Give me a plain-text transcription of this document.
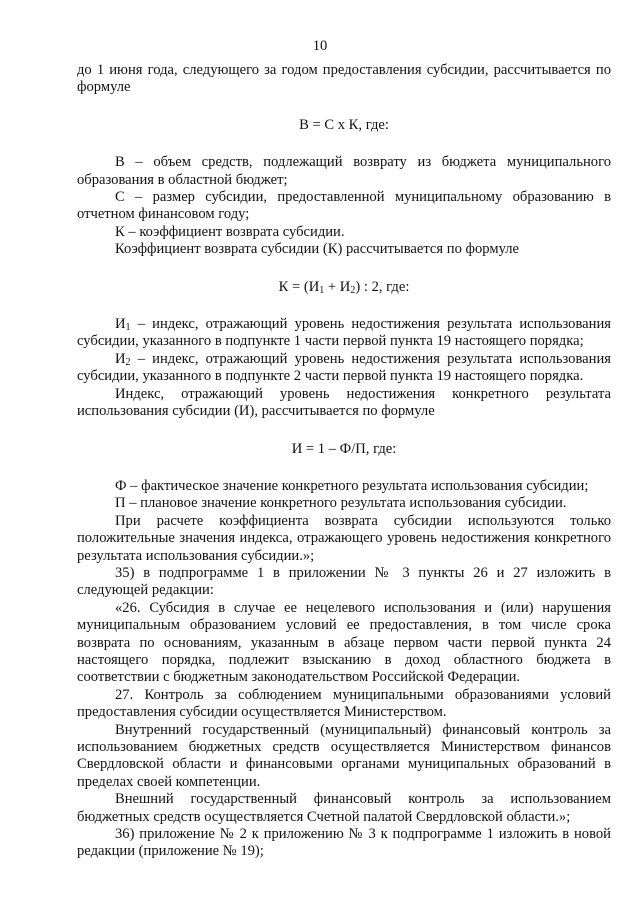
10

до 1 июня года, следующего за годом предоставления субсидии, рассчитывается по формуле

В = С х К, где:

В – объем средств, подлежащий возврату из бюджета муниципального образования в областной бюджет;

С – размер субсидии, предоставленной муниципальному образованию в отчетном финансовом году;

К – коэффициент возврата субсидии.

Коэффициент возврата субсидии (К) рассчитывается по формуле

$К = (И_1 + И_2)$ : 2, где:

$И_1$ – индекс, отражающий уровень недостижения результата использования субсидии, указанного в подпункте 1 части первой пункта 19 настоящего порядка;

$И_2$ – индекс, отражающий уровень недостижения результата использования субсидии, указанного в подпункте 2 части первой пункта 19 настоящего порядка.

Индекс, отражающий уровень недостижения конкретного результата использования субсидии (И), рассчитывается по формуле

И = 1 – Ф/П, где:

Ф – фактическое значение конкретного результата использования субсидии;

П – плановое значение конкретного результата использования субсидии.

При расчете коэффициента возврата субсидии используются только положительные значения индекса, отражающего уровень недостижения конкретного результата использования субсидии.»;

35) в подпрограмме 1 в приложении № 3 пункты 26 и 27 изложить в следующей редакции:

«26. Субсидия в случае ее нецелевого использования и (или) нарушения муниципальным образованием условий ее предоставления, в том числе срока возврата по основаниям, указанным в абзаце первом части первой пункта 24 настоящего порядка, подлежит взысканию в доход областного бюджета в соответствии с бюджетным законодательством Российской Федерации.

27. Контроль за соблюдением муниципальными образованиями условий предоставления субсидии осуществляется Министерством.

Внутренний государственный (муниципальный) финансовый контроль за использованием бюджетных средств осуществляется Министерством финансов Свердловской области и финансовыми органами муниципальных образований в пределах своей компетенции.

Внешний государственный финансовый контроль за использованием бюджетных средств осуществляется Счетной палатой Свердловской области.»;

36) приложение № 2 к приложению № 3 к подпрограмме 1 изложить в новой редакции (приложение № 19);
